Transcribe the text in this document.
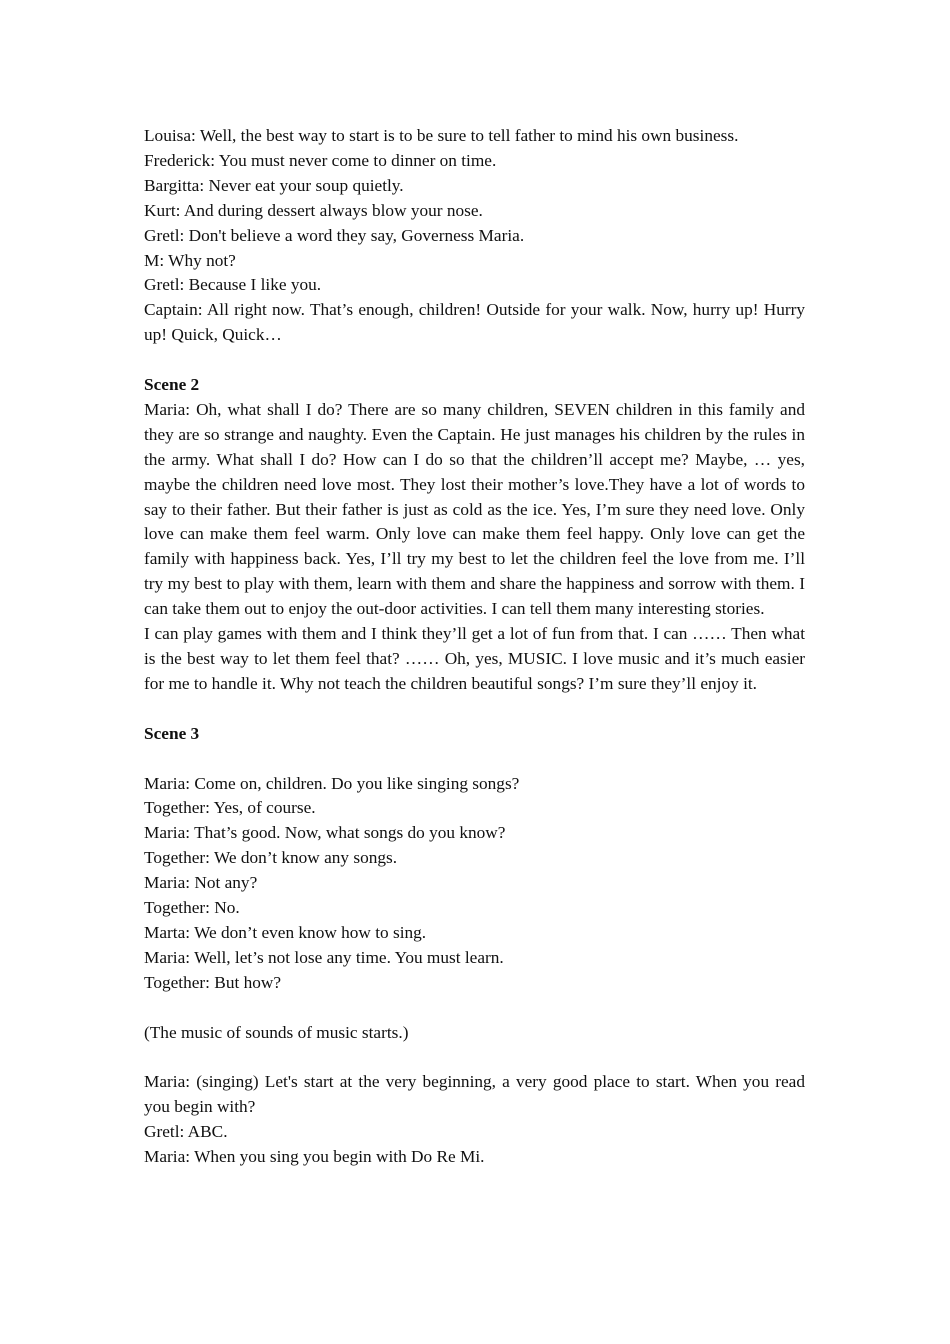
Louisa: Well, the best way to start is to be sure to tell father to mind his own business.
Frederick: You must never come to dinner on time.
Bargitta: Never eat your soup quietly.
Kurt: And during dessert always blow your nose.
Gretl: Don't believe a word they say, Governess Maria.
M: Why not?
Gretl: Because I like you.

Captain: All right now. That’s enough, children! Outside for your walk. Now, hurry up! Hurry up! Quick, Quick…

Scene 2

Maria: Oh, what shall I do? There are so many children, SEVEN children in this family and they are so strange and naughty. Even the Captain. He just manages his children by the rules in the army. What shall I do? How can I do so that the children’ll accept me? Maybe, … yes, maybe the children need love most. They lost their mother’s love.They have a lot of words to say to their father. But their father is just as cold as the ice. Yes, I’m sure they need love. Only love can make them feel warm. Only love can make them feel happy. Only love can get the family with happiness back. Yes, I’ll try my best to let the children feel the love from me. I’ll try my best to play with them, learn with them and share the happiness and sorrow with them. I can take them out to enjoy the out-door activities. I can tell them many interesting stories.

I can play games with them and I think they’ll get a lot of fun from that. I can …… Then what is the best way to let them feel that? …… Oh, yes, MUSIC. I love music and it’s much easier for me to handle it. Why not teach the children beautiful songs? I’m sure they’ll enjoy it.

Scene 3
Maria: Come on, children. Do you like singing songs?
Together: Yes, of course.
Maria: That’s good. Now, what songs do you know?
Together: We don’t know any songs.
Maria: Not any?
Together: No.
Marta: We don’t even know how to sing.
Maria: Well, let’s not lose any time. You must learn.
Together: But how?
(The music of sounds of music starts.)

Maria: (singing) Let's start at the very beginning, a very good place to start. When you read you begin with?

Gretl: ABC.
Maria: When you sing you begin with Do Re Mi.
